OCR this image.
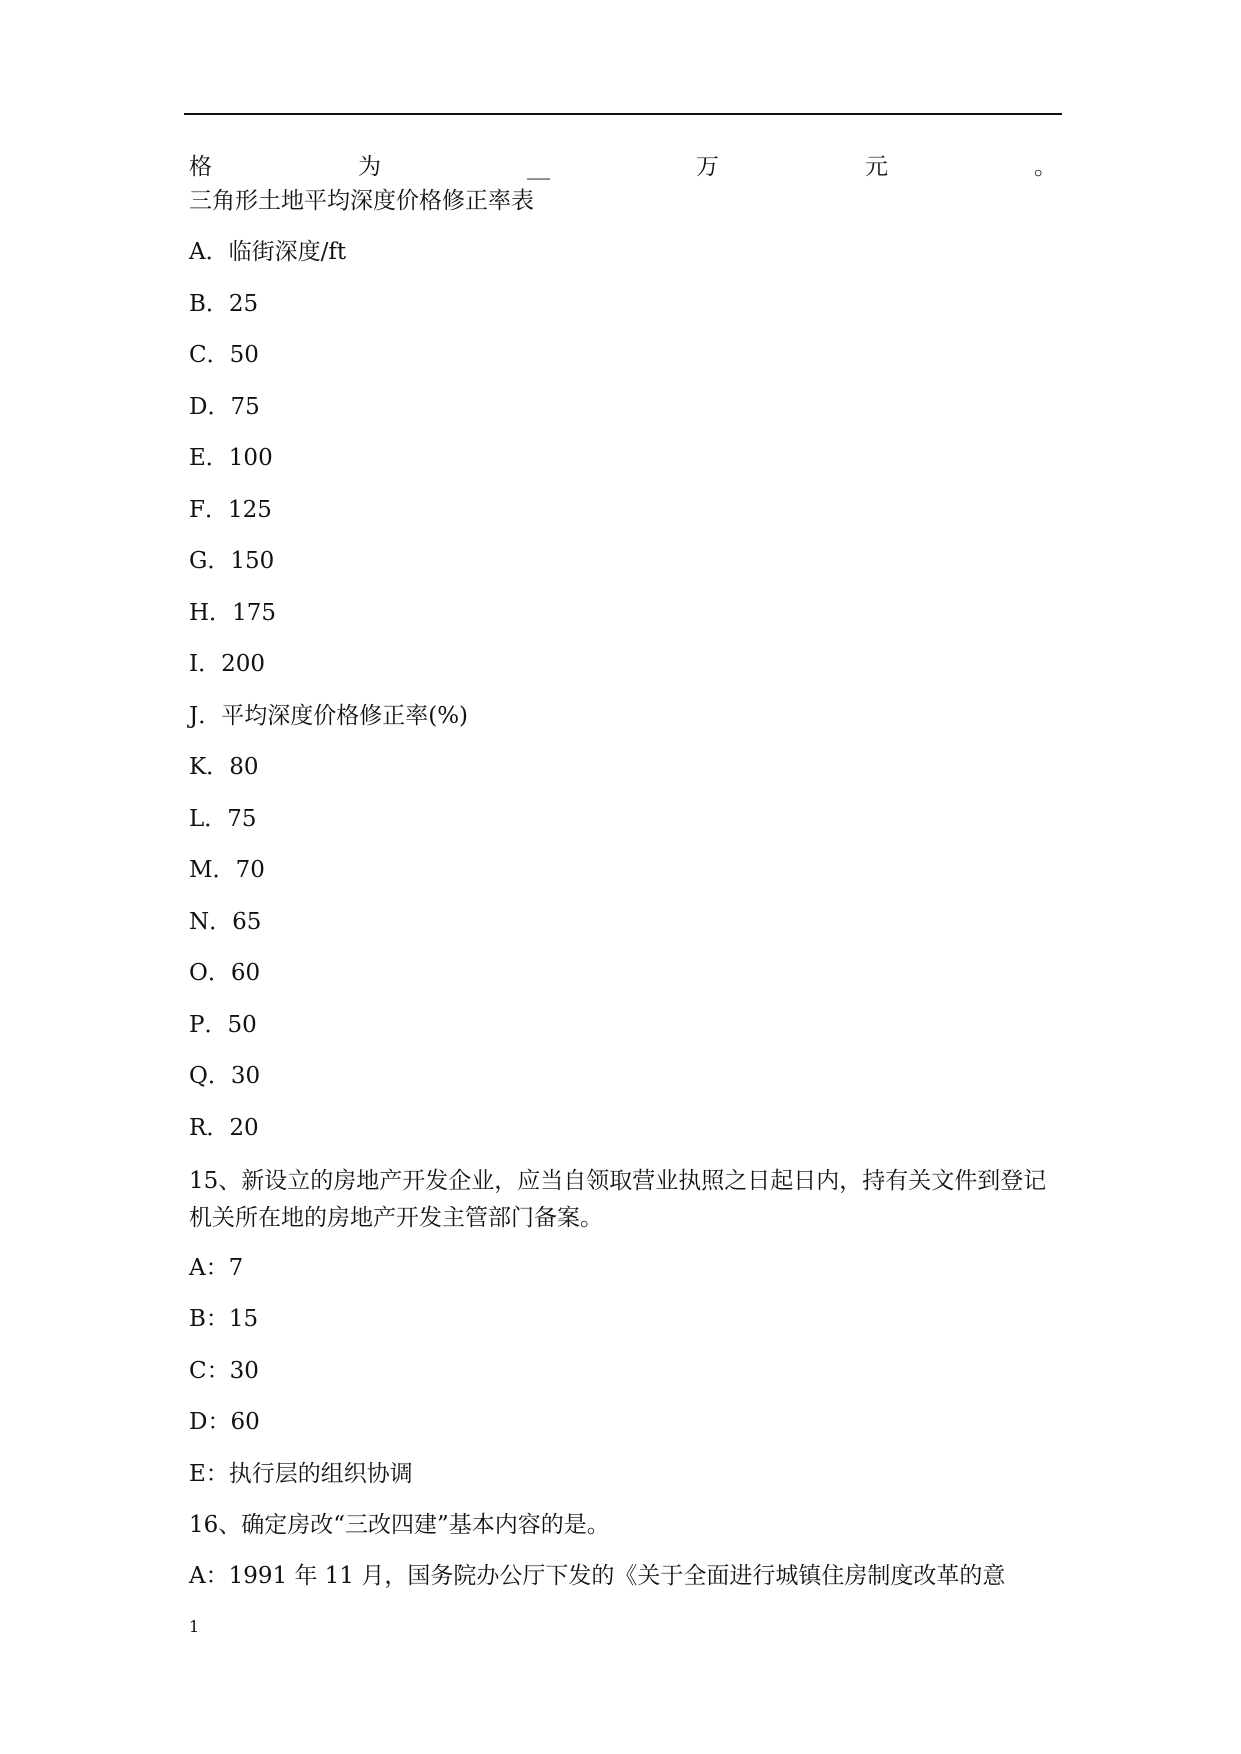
格	为	__	万	元	。
三角形土地平均深度价格修正率表
A．临街深度/ft
B．25
C．50
D．75
E．100
F．125
G．150
H．175
I．200
J．平均深度价格修正率(%)
K．80
L．75
M．70
N．65
O．60
P．50
Q．30
R．20
15、新设立的房地产开发企业，应当自领取营业执照之日起日内，持有关文件到登记机关所在地的房地产开发主管部门备案。
A：7
B：15
C：30
D：60
E：执行层的组织协调
16、确定房改“三改四建”基本内容的是。
A：1991 年 11 月，国务院办公厅下发的《关于全面进行城镇住房制度改革的意
1
